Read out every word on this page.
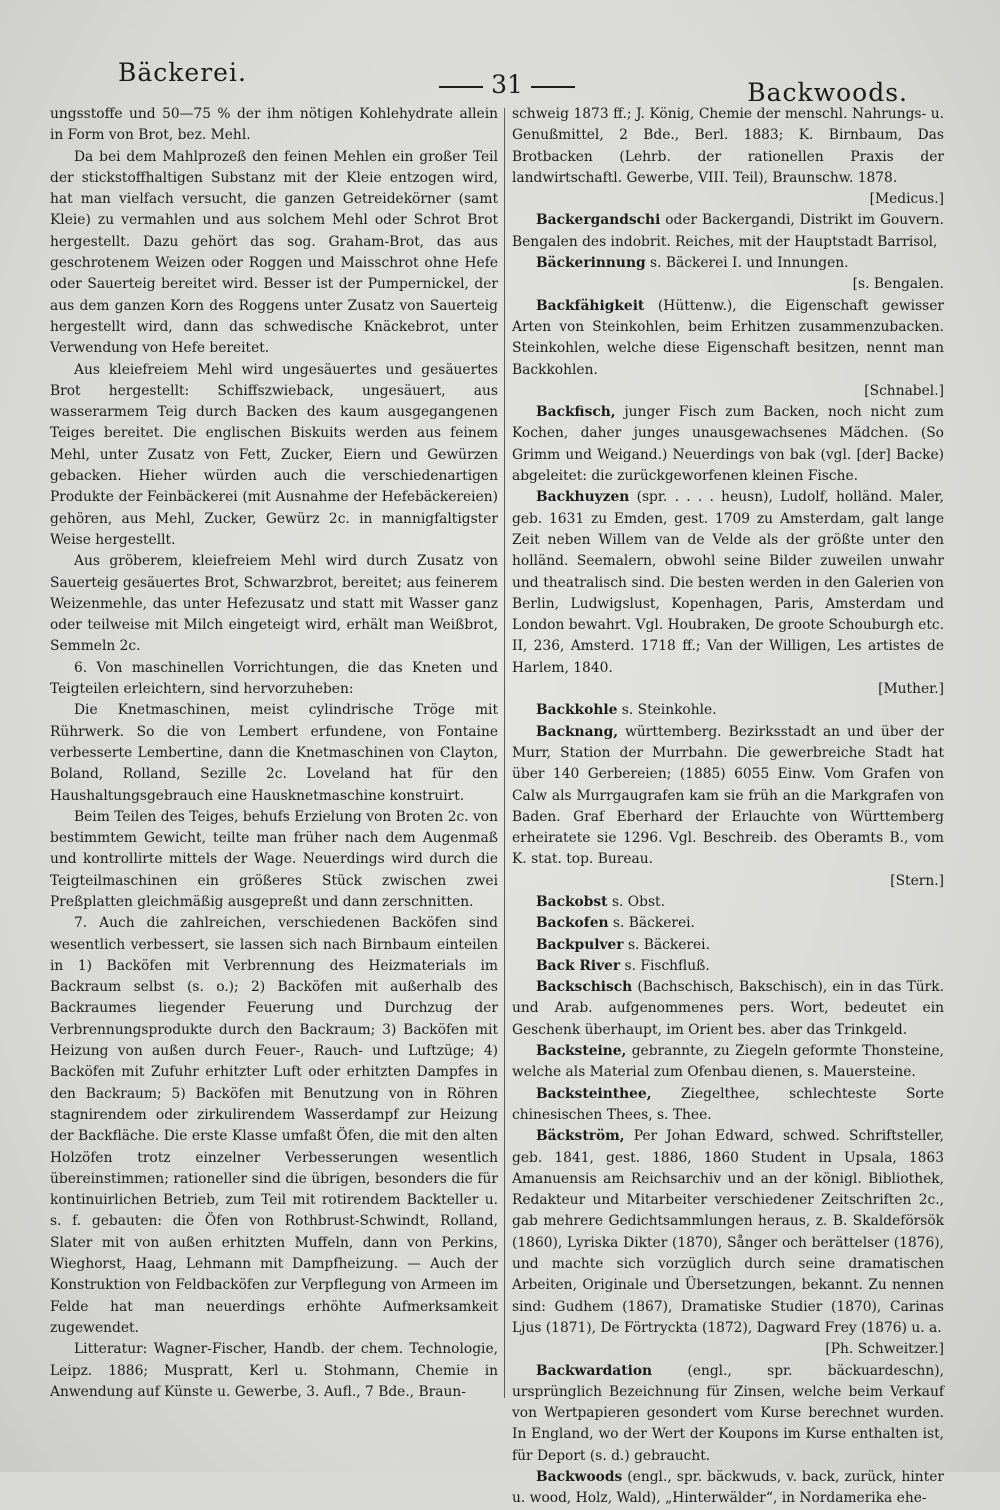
Bäckerei.	31	Backwoods.

ungsstoffe und 50—75 % der ihm nötigen Kohlehydrate allein in Form von Brot, bez. Mehl.

Da bei dem Mahlprozeß den feinen Mehlen ein großer Teil der stickstoffhaltigen Substanz mit der Kleie entzogen wird, hat man vielfach versucht, die ganzen Getreidekörner (samt Kleie) zu vermahlen und aus solchem Mehl oder Schrot Brot hergestellt. Dazu gehört das sog. Graham-Brot, das aus geschrotenem Weizen oder Roggen und Maisschrot ohne Hefe oder Sauerteig bereitet wird. Besser ist der Pumpernickel, der aus dem ganzen Korn des Roggens unter Zusatz von Sauerteig hergestellt wird, dann das schwedische Knäckebrot, unter Verwendung von Hefe bereitet.

Aus kleiefreiem Mehl wird ungesäuertes und gesäuertes Brot hergestellt: Schiffszwieback, ungesäuert, aus wasserarmem Teig durch Backen des kaum ausgegangenen Teiges bereitet. Die englischen Biskuits werden aus feinem Mehl, unter Zusatz von Fett, Zucker, Eiern und Gewürzen gebacken. Hieher würden auch die verschiedenartigen Produkte der Feinbäckerei (mit Ausnahme der Hefebäckereien) gehören, aus Mehl, Zucker, Gewürz 2c. in mannigfaltigster Weise hergestellt.

Aus gröberem, kleiefreiem Mehl wird durch Zusatz von Sauerteig gesäuertes Brot, Schwarzbrot, bereitet; aus feinerem Weizenmehle, das unter Hefezusatz und statt mit Wasser ganz oder teilweise mit Milch eingeteigt wird, erhält man Weißbrot, Semmeln 2c.

6. Von maschinellen Vorrichtungen, die das Kneten und Teigteilen erleichtern, sind hervorzuheben:

Die Knetmaschinen, meist cylindrische Tröge mit Rührwerk. So die von Lembert erfundene, von Fontaine verbesserte Lembertine, dann die Knetmaschinen von Clayton, Boland, Rolland, Sezille 2c. Loveland hat für den Haushaltungsgebrauch eine Hausknetmaschine konstruirt.

Beim Teilen des Teiges, behufs Erzielung von Broten 2c. von bestimmtem Gewicht, teilte man früher nach dem Augenmaß und kontrollirte mittels der Wage. Neuerdings wird durch die Teigteilmaschinen ein größeres Stück zwischen zwei Preßplatten gleichmäßig ausgepreßt und dann zerschnitten.

7. Auch die zahlreichen, verschiedenen Backöfen sind wesentlich verbessert, sie lassen sich nach Birnbaum einteilen in 1) Backöfen mit Verbrennung des Heizmaterials im Backraum selbst (s. o.); 2) Backöfen mit außerhalb des Backraumes liegender Feuerung und Durchzug der Verbrennungsprodukte durch den Backraum; 3) Backöfen mit Heizung von außen durch Feuer-, Rauch- und Luftzüge; 4) Backöfen mit Zufuhr erhitzter Luft oder erhitzten Dampfes in den Backraum; 5) Backöfen mit Benutzung von in Röhren stagnirendem oder zirkulirendem Wasserdampf zur Heizung der Backfläche. Die erste Klasse umfaßt Öfen, die mit den alten Holzöfen trotz einzelner Verbesserungen wesentlich übereinstimmen; rationeller sind die übrigen, besonders die für kontinuirlichen Betrieb, zum Teil mit rotirendem Backteller u. s. f. gebauten: die Öfen von Rothbrust-Schwindt, Rolland, Slater mit von außen erhitzten Muffeln, dann von Perkins, Wieghorst, Haag, Lehmann mit Dampfheizung. — Auch der Konstruktion von Feldbacköfen zur Verpflegung von Armeen im Felde hat man neuerdings erhöhte Aufmerksamkeit zugewendet.

Litteratur: Wagner-Fischer, Handb. der chem. Technologie, Leipz. 1886; Muspratt, Kerl u. Stohmann, Chemie in Anwendung auf Künste u. Gewerbe, 3. Aufl., 7 Bde., Braun-

schweig 1873 ff.; J. König, Chemie der menschl. Nahrungs- u. Genußmittel, 2 Bde., Berl. 1883; K. Birnbaum, Das Brotbacken (Lehrb. der rationellen Praxis der landwirtschaftl. Gewerbe, VIII. Teil), Braunschw. 1878.
[Medicus.]

Backergandschi oder Backergandi, Distrikt im Gouvern. Bengalen des indobrit. Reiches, mit der Hauptstadt Barrisol,

Bäckerinnung s. Bäckerei I. und Innungen.
[s. Bengalen.

Backfähigkeit (Hüttenw.), die Eigenschaft gewisser Arten von Steinkohlen, beim Erhitzen zusammenzubacken. Steinkohlen, welche diese Eigenschaft besitzen, nennt man Backkohlen.
[Schnabel.]

Backfisch, junger Fisch zum Backen, noch nicht zum Kochen, daher junges unausgewachsenes Mädchen. (So Grimm und Weigand.) Neuerdings von bak (vgl. [der] Backe) abgeleitet: die zurückgeworfenen kleinen Fische.

Backhuyzen (spr. . . . . heusn), Ludolf, holländ. Maler, geb. 1631 zu Emden, gest. 1709 zu Amsterdam, galt lange Zeit neben Willem van de Velde als der größte unter den holländ. Seemalern, obwohl seine Bilder zuweilen unwahr und theatralisch sind. Die besten werden in den Galerien von Berlin, Ludwigslust, Kopenhagen, Paris, Amsterdam und London bewahrt. Vgl. Houbraken, De groote Schouburgh etc. II, 236, Amsterd. 1718 ff.; Van der Willigen, Les artistes de Harlem, 1840.
[Muther.]

Backkohle s. Steinkohle.

Backnang, württemberg. Bezirksstadt an und über der Murr, Station der Murrbahn. Die gewerbreiche Stadt hat über 140 Gerbereien; (1885) 6055 Einw. Vom Grafen von Calw als Murrgaugrafen kam sie früh an die Markgrafen von Baden. Graf Eberhard der Erlauchte von Württemberg erheiratete sie 1296. Vgl. Beschreib. des Oberamts B., vom K. stat. top. Bureau.
[Stern.]

Backobst s. Obst.

Backofen s. Bäckerei.

Backpulver s. Bäckerei.

Back River s. Fischfluß.

Backschisch (Bachschisch, Bakschisch), ein in das Türk. und Arab. aufgenommenes pers. Wort, bedeutet ein Geschenk überhaupt, im Orient bes. aber das Trinkgeld.

Backsteine, gebrannte, zu Ziegeln geformte Thonsteine, welche als Material zum Ofenbau dienen, s. Mauersteine.

Backsteinthee, Ziegelthee, schlechteste Sorte chinesischen Thees, s. Thee.

Bäckström, Per Johan Edward, schwed. Schriftsteller, geb. 1841, gest. 1886, 1860 Student in Upsala, 1863 Amanuensis am Reichsarchiv und an der königl. Bibliothek, Redakteur und Mitarbeiter verschiedener Zeitschriften 2c., gab mehrere Gedichtsammlungen heraus, z. B. Skaldeförsök (1860), Lyriska Dikter (1870), Sånger och berättelser (1876), und machte sich vorzüglich durch seine dramatischen Arbeiten, Originale und Übersetzungen, bekannt. Zu nennen sind: Gudhem (1867), Dramatiske Studier (1870), Carinas Ljus (1871), De Förtryckta (1872), Dagward Frey (1876) u. a.
[Ph. Schweitzer.]

Backwardation	(engl., spr. bäckuardeschn), ursprünglich Bezeichnung für Zinsen, welche beim Verkauf von Wertpapieren gesondert vom Kurse berechnet wurden. In England, wo der Wert der Koupons im Kurse enthalten ist, für Deport (s. d.) gebraucht.

Backwoods (engl., spr. bäckwuds, v. back, zurück, hinter u. wood, Holz, Wald), „Hinterwälder“, in Nordamerika ehe-
